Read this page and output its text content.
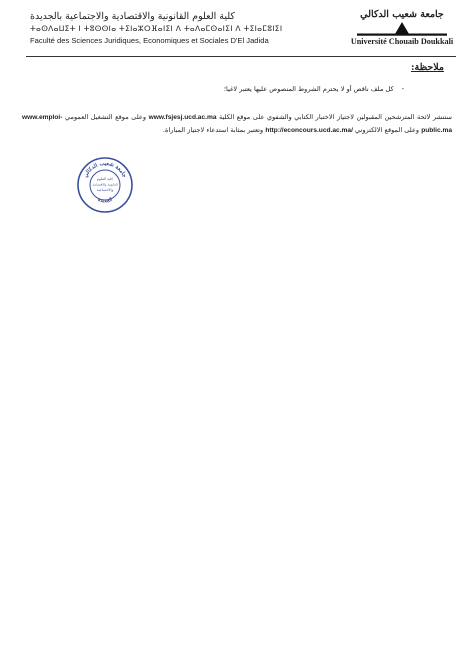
كلية العلوم القانونية والاقتصادية والاجتماعية بالجديدة
ⵜⴰⵙⴷⴰⵡⵉⵜ ⵏ ⵜⵓⵙⵙⵏⴰ ⵜⵉⵏⴰⵣⵔⴼⴰⵏⵉⵏ ⴷ ⵜⴰⴷⴰⵎⵙⴰⵏⵉⵏ ⴷ ⵜⵉⵏⴰⵎⵓⵏⵉⵏ
Faculté des Sciences Juridiques, Economiques et Sociales D'El Jadida
جامعة شعيب الدكالي
Université Chouaib Doukkali
ملاحظة:
-
كل ملف ناقص أو لا يحترم الشروط المنصوص عليها يعتبر لاغيا؛
ستنشر لائحة المترشحين المقبولين لاجتياز الاختبار الكتابي والشفوي على موقع الكلية www.fsjesj.ucd.ac.ma وعلى موقع التشغيل العمومي www.emploi-public.ma وعلى الموقع الالكتروني http://econcours.ucd.ac.ma/ وتعتبر بمثابة استدعاء لاجتياز المباراة.
جامعة شعيب الدكالي
كلية العلوم
القانونية والاقتصادية
والاجتماعية
الجديدة
